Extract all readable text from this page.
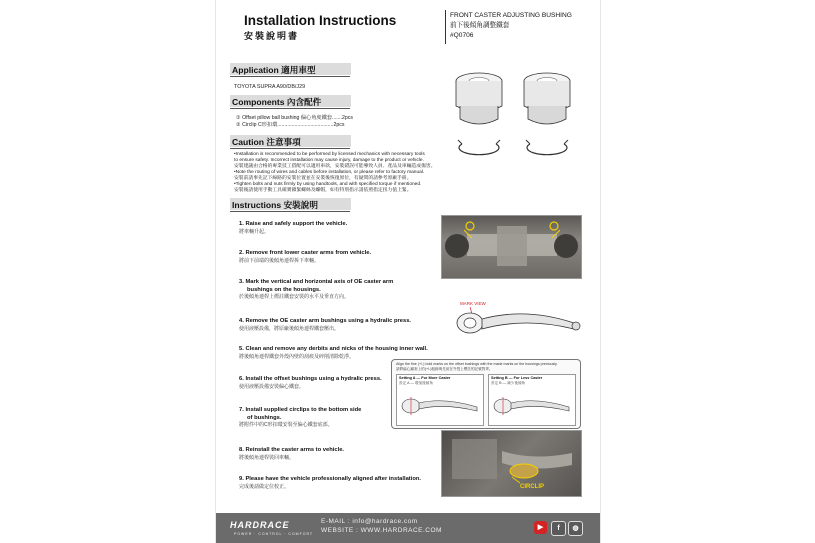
Installation Instructions
安裝說明書
FRONT CASTER ADJUSTING BUSHING
前下後傾角調整鐵套
#Q0706
Application 適用車型
TOYOTA SUPRA A90/DB/J29
Components 內含配件
① Offset pillow ball bushing 偏心角度鐵套.......2pcs
② Circlip C形扣環.......................................2pcs
Caution 注意事項
•Installation is recommended to be performed by licensed mechanics with necessary tools
to ensure safety. Incorrect installation may cause injury, damage to the product or vehicle.
安裝建議由合格的專業技工搭配可以適用車款，安裝錯誤可能導致人員、產品及車輛造成傷害。
•Note the routing of wires and cables before installation, or please refer to factory manual.
安裝前請事先記下線路的安裝位置並在安裝後恢復原位，有疑問的請參考原廠手冊。
•Tighten bolts and nuts firmly by using handtools, and with specified torque if mentioned.
安裝後請使用手動工具確實鎖緊螺絲及螺帽，如有特別指示請依照指定扭力值上緊。
Instructions 安裝說明
1. Raise and safely support the vehicle.
將車輛升起。
2. Remove front lower caster arms from vehicle.
將前下前端的後傾角連桿拆下車輛。
3. Mark the vertical and horizontal axis of OE caster arm
bushings on the housings.
於後傾角連桿上標註鐵套安裝的水平及垂直方向。
4. Remove the OE caster arm bushings using a hydralic press.
使用液壓設備，將原廠後傾角連桿鐵套壓出。
5. Clean and remove any derbits and nicks of the housing inner wall.
將後傾角連桿鐵套外殼內壁的刮痕及碎削清除乾淨。
6. Install the offset bushings using a hydralic press.
使用液壓設備安裝偏心鐵套。
7. Install supplied circlips to the bottom side
of bushings.
將附件中的C形扣環安裝至偏心鐵套底部。
8. Reinstall the caster arms to vehicle.
將後傾角連桿裝回車輛。
9. Please have the vehicle professionally aligned after installation.
完成後請做定位校正。
MARK VIEW
Align the fine (+/-) bold marks on the offset bushings with the made marks on the housings previously.
請將偏心鐵套上的(+/-)粗線與先前在外殼上標註的記號對齊。
Setting A — For More Caster
設定 A — 增加後傾角
Setting B — For Less Caster
設定 B — 減少後傾角
CIRCLIP
HARDRACE
POWER · CONTROL · COMFORT
E-MAIL : info@hardrace.com
WEBSITE : WWW.HARDRACE.COM	▶	f	◍
